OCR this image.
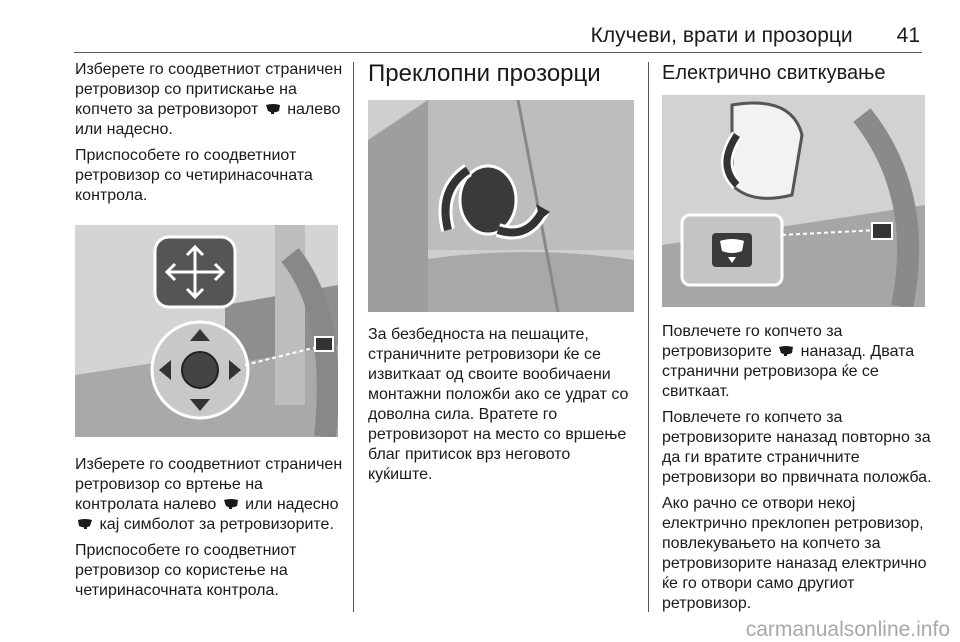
Клучеви, врати и прозорци 41

Изберете го соодветниот страничен ретровизор со притискање на копчето за ретровизорот налево или надесно.

Приспособете го соодветниот ретровизор со четиринасочната контрола.

Изберете го соодветниот страничен ретровизор со вртење на контролата налево или надесно  кај симболот за ретровизорите.

Приспособете го соодветниот ретровизор со користење на четиринасочната контрола.

Преклопни прозорци

За безбедноста на пешаците, страничните ретровизори ќе се извиткаат од своите вообичаени монтажни положби ако се удрат со доволна сила. Вратете го ретровизорот на место со вршење благ притисок врз неговото куќиште.

Електрично свиткување

Повлечете го копчето за ретровизорите наназад. Двата странични ретровизора ќе се свиткаат.

Повлечете го копчето за ретровизорите наназад повторно за да ги вратите страничните ретровизори во првичната положба.

Ако рачно се отвори некој електрично преклопен ретровизор, повлекувањето на копчето за ретровизорите наназад електрично ќе го отвори само другиот ретровизор.

carmanualsonline.info
